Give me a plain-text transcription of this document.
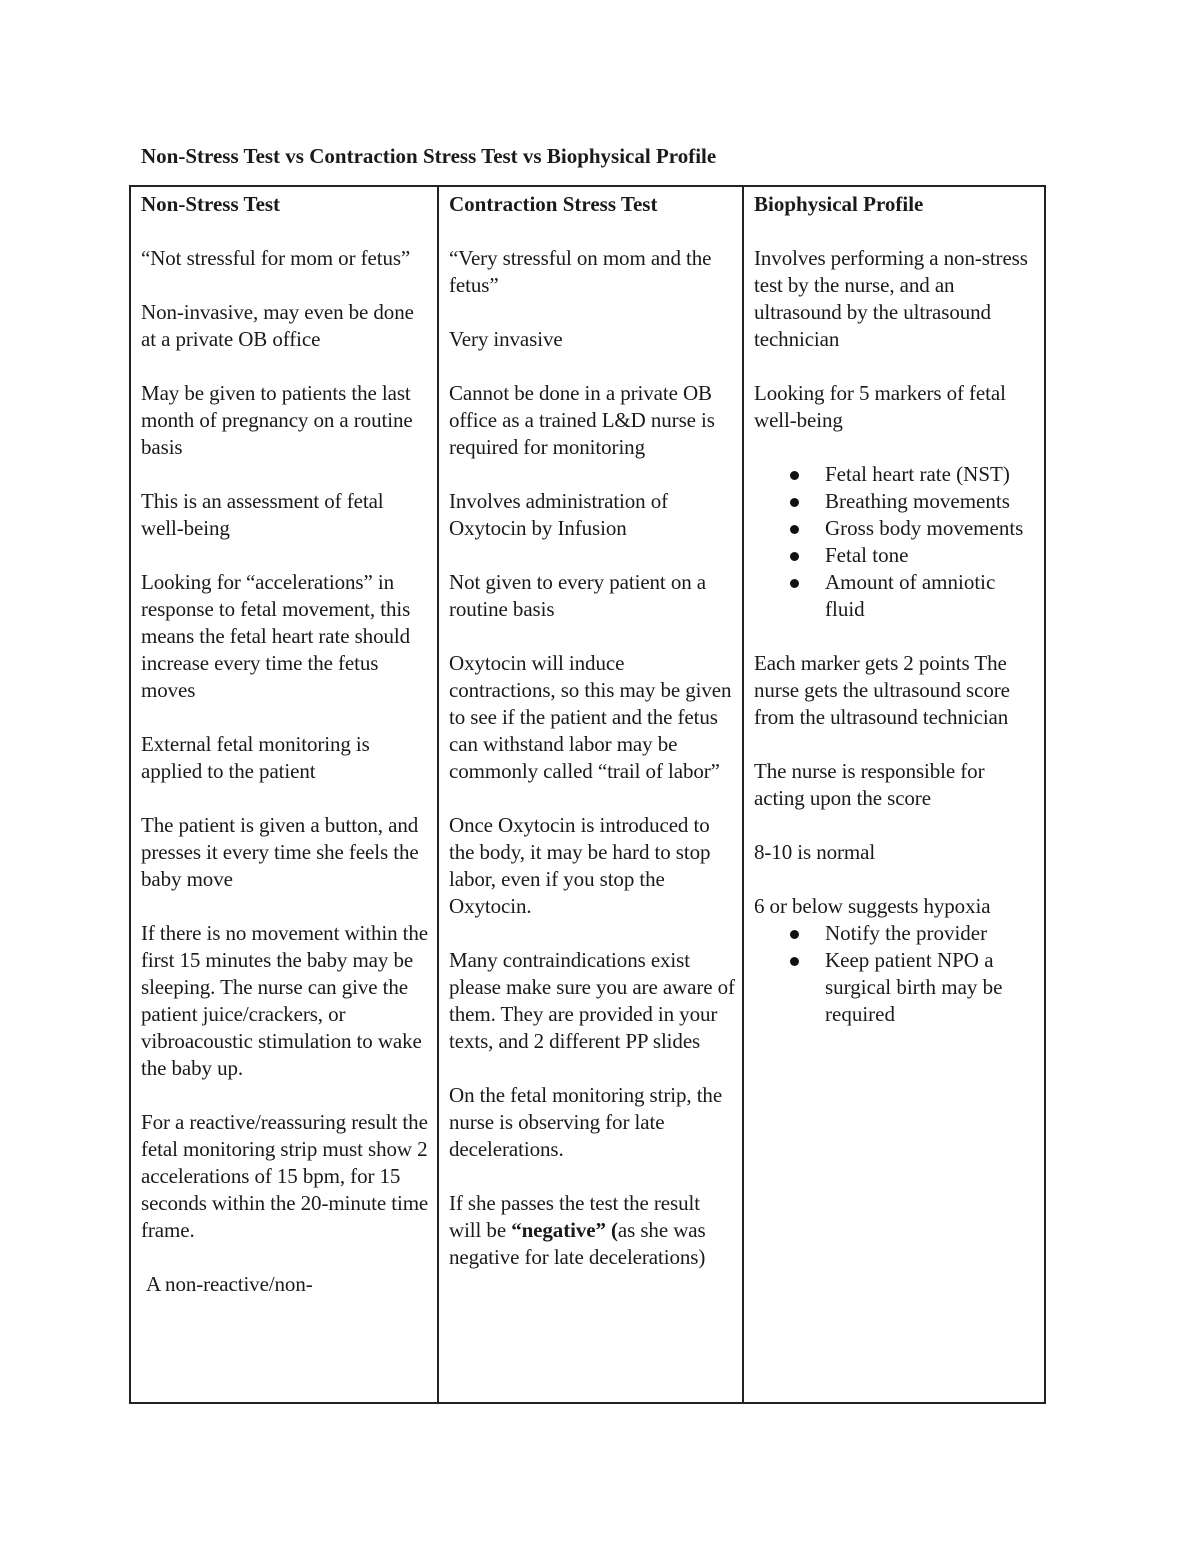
Non-Stress Test vs Contraction Stress Test vs Biophysical Profile
Non-Stress Test

“Not stressful for mom or fetus”

Non-invasive, may even be done at a private OB office

May be given to patients the last month of pregnancy on a routine basis

This is an assessment of fetal well-being

Looking for “accelerations” in response to fetal movement, this means the fetal heart rate should increase every time the fetus moves

External fetal monitoring is applied to the patient

The patient is given a button, and presses it every time she feels the baby move

If there is no movement within the first 15 minutes the baby may be sleeping. The nurse can give the patient juice/crackers, or vibroacoustic stimulation to wake the baby up.

For a reactive/reassuring result the fetal monitoring strip must show 2 accelerations of 15 bpm, for 15 seconds within the 20-minute time frame.

A non-reactive/non-

Contraction Stress Test

“Very stressful on mom and the fetus”

Very invasive

Cannot be done in a private OB office as a trained L&D nurse is required for monitoring

Involves administration of Oxytocin by Infusion

Not given to every patient on a routine basis

Oxytocin will induce contractions, so this may be given to see if the patient and the fetus can withstand labor may be commonly called “trail of labor”

Once Oxytocin is introduced to the body, it may be hard to stop labor, even if you stop the Oxytocin.

Many contraindications exist please make sure you are aware of them. They are provided in your texts, and 2 different PP slides

On the fetal monitoring strip, the nurse is observing for late decelerations.

If she passes the test the result will be “negative” (as she was negative for late decelerations)

Biophysical Profile

Involves performing a non-stress test by the nurse, and an ultrasound by the ultrasound technician

Looking for 5 markers of fetal well-being

Fetal heart rate (NST)
Breathing movements
Gross body movements
Fetal tone
Amount of amniotic fluid

Each marker gets 2 points The nurse gets the ultrasound score from the ultrasound technician

The nurse is responsible for acting upon the score

8-10 is normal

6 or below suggests hypoxia

Notify the provider
Keep patient NPO a surgical birth may be required
